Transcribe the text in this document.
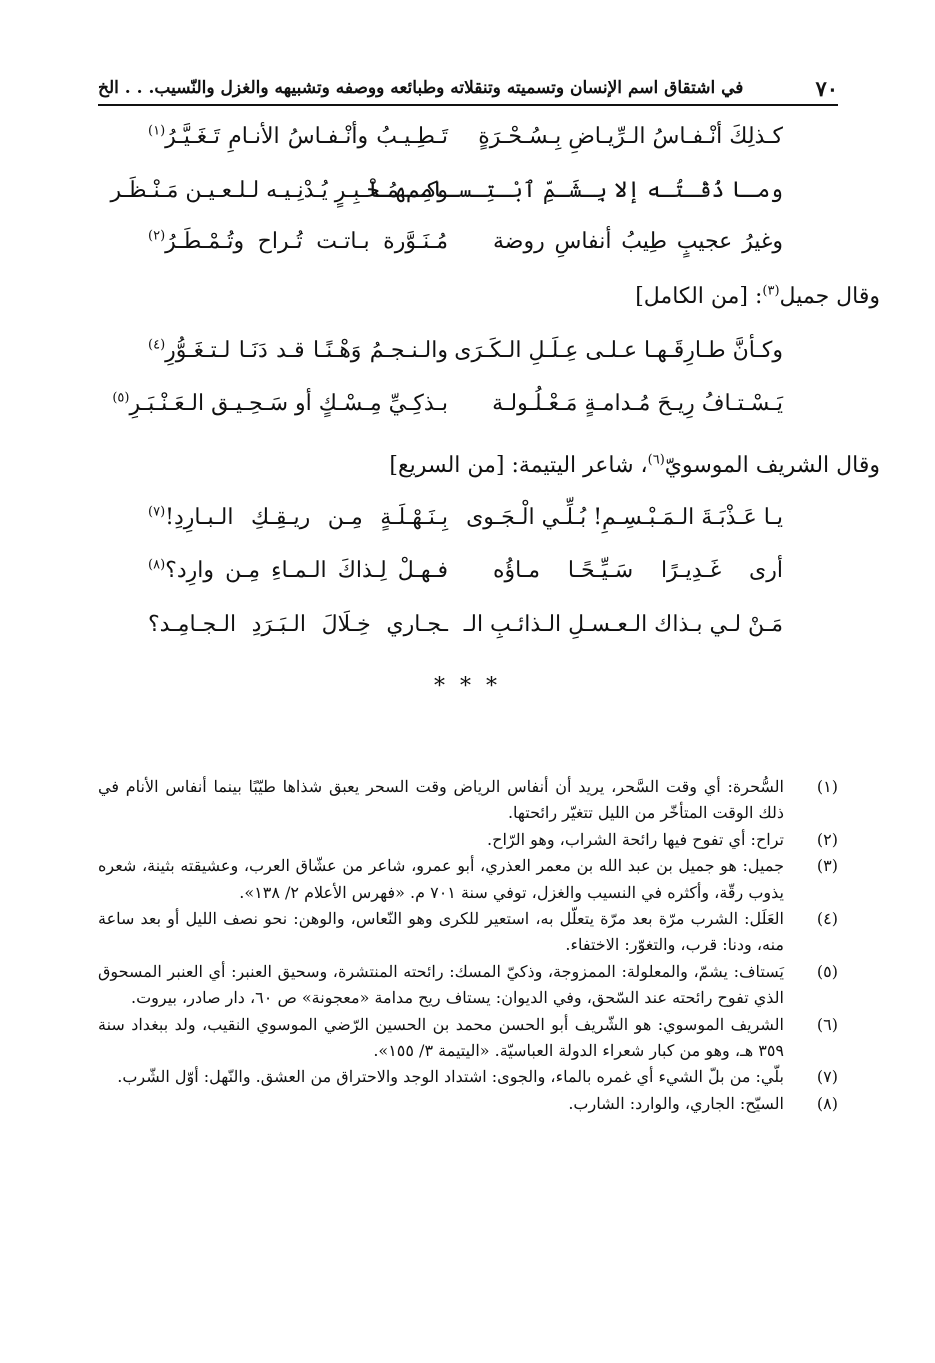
٧٠
في اشتقاق اسم الإنسان وتسميته وتنقلاته وطبائعه ووصفه وتشبيهه والغزل والنّسيب. . . الخ
كـذلِكَ أنْـفـاسُ الـرِّيـاضِ بِـسُـحْـرَةٍ
تَـطِـيـبُ وأنْـفـاسُ الأنـامِ تَـغَـيَّـرُ$^{(١)}$
ومـا ذُقْـتُـه إلا بِـشَـمِّ ٱبْـتِـسـامِـهـا
وكـم مُـخْـبِـرٍ يُـدْنِـيـه لـلـعـيـن مَـنْـظَـر
وغيرُ عجيبٍ طِيبُ أنفاسِ روضة
مُـنَـوَّرة بـاتـت تُـراح وتُـمْـطَـرُ$^{(٢)}$
وقال جميل$^{(٣)}$: [من الكامل]
وكـأنَّ طـارِقَـهـا عـلـى عِـلَـلِ الـكَـرَى
والـنـجـمُ وَهْـنًـا قـد دَنَـا لـتـغَـوُّرِ$^{(٤)}$
يَـسْـتـافُ رِيـحَ مُـدامـةٍ مَـعْـلُـولـة
بـذكِـيِّ مِـسْـكٍ أو سَـحِـيـق الـعَـنْـبَـرِ$^{(٥)}$
وقال الشريف الموسويّ$^{(٦)}$، شاعر اليتيمة: [من السريع]
يـا عَـذْبَـةَ الـمَـبْـسِـمِ! بُـلِّـي الْـجَـوى
بِـنَـهْـلَـةٍ مِـن ريـقِـكِ الـبـارِدِ!$^{(٧)}$
أرى غَـدِيـرًا سَـيِّـحًـا مـاؤُه
فـهـلْ لِـذاكَ الـمـاءِ مِـن وارِد؟$^{(٨)}$
مَـنْ لـي بـذاك الـعـسـلِ الـذائـبِ الـ
ـجـاري خِـلَالَ الـبَـرَدِ الـجـامِـد؟
* * *
(١)
السُّحرة: أي وقت السَّحر، يريد أن أنفاس الرياض وقت السحر يعبق شذاها طيّبًا بينما أنفاس الأنام في ذلك الوقت المتأخّر من الليل تتغيّر رائحتها.
(٢)
تراح: أي تفوح فيها رائحة الشراب، وهو الرّاح.
(٣)
جميل: هو جميل بن عبد الله بن معمر العذري، أبو عمرو، شاعر من عشّاق العرب، وعشيقته بثينة، شعره يذوب رقّة، وأكثره في النسيب والغزل، توفي سنة ٧٠١ م. «فهرس الأعلام ٢/ ١٣٨».
(٤)
العَلَل: الشرب مرّة بعد مرّة يتعلّل به، استعير للكرى وهو النّعاس، والوهن: نحو نصف الليل أو بعد ساعة منه، ودنا: قرب، والتغوّر: الاختفاء.
(٥)
يَستاف: يشمّ، والمعلولة: الممزوجة، وذكيّ المسك: رائحته المنتشرة، وسحيق العنبر: أي العنبر المسحوق الذي تفوح رائحته عند السّحق، وفي الديوان: يستاف ريح مدامة «معجونة» ص ٦٠، دار صادر، بيروت.
(٦)
الشريف الموسوي: هو الشّريف أبو الحسن محمد بن الحسين الرّضي الموسوي النقيب، ولد ببغداد سنة ٣٥٩ هـ، وهو من كبار شعراء الدولة العباسيّة. «اليتيمة ٣/ ١٥٥».
(٧)
بلّي: من بلّ الشيء أي غمره بالماء، والجوى: اشتداد الوجد والاحتراق من العشق. والنّهل: أوّل الشّرب.
(٨)
السيّح: الجاري، والوارد: الشارب.
